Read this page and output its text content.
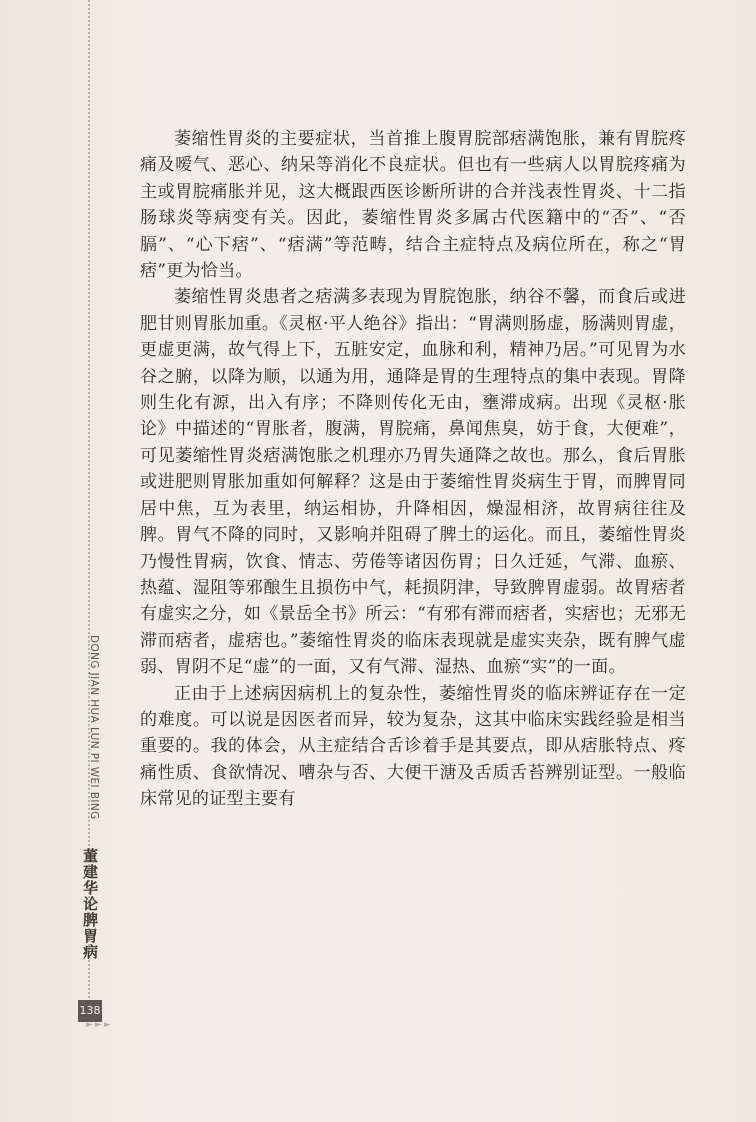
DONG JIAN HUA LUN PI WEI BING
董建华论脾胃病
138
►►►

萎缩性胃炎的主要症状，当首推上腹胃脘部痞满饱胀，兼有胃脘疼痛及嗳气、恶心、纳呆等消化不良症状。但也有一些病人以胃脘疼痛为主或胃脘痛胀并见，这大概跟西医诊断所讲的合并浅表性胃炎、十二指肠球炎等病变有关。因此，萎缩性胃炎多属古代医籍中的“否”、“否膈”、“心下痞”、“痞满”等范畴，结合主症特点及病位所在，称之“胃痞”更为恰当。

萎缩性胃炎患者之痞满多表现为胃脘饱胀，纳谷不馨，而食后或进肥甘则胃胀加重。《灵枢·平人绝谷》指出：“胃满则肠虚，肠满则胃虚，更虚更满，故气得上下，五脏安定，血脉和利，精神乃居。”可见胃为水谷之腑，以降为顺，以通为用，通降是胃的生理特点的集中表现。胃降则生化有源，出入有序；不降则传化无由，壅滞成病。出现《灵枢·胀论》中描述的“胃胀者，腹满，胃脘痛，鼻闻焦臭，妨于食，大便难”，可见萎缩性胃炎痞满饱胀之机理亦乃胃失通降之故也。那么，食后胃胀或进肥则胃胀加重如何解释？这是由于萎缩性胃炎病生于胃，而脾胃同居中焦，互为表里，纳运相协，升降相因，燥湿相济，故胃病往往及脾。胃气不降的同时，又影响并阻碍了脾土的运化。而且，萎缩性胃炎乃慢性胃病，饮食、情志、劳倦等诸因伤胃；日久迁延，气滞、血瘀、热蕴、湿阻等邪酿生且损伤中气，耗损阴津，导致脾胃虚弱。故胃痞者有虚实之分，如《景岳全书》所云：“有邪有滞而痞者，实痞也；无邪无滞而痞者，虚痞也。”萎缩性胃炎的临床表现就是虚实夹杂，既有脾气虚弱、胃阴不足“虚”的一面，又有气滞、湿热、血瘀“实”的一面。

正由于上述病因病机上的复杂性，萎缩性胃炎的临床辨证存在一定的难度。可以说是因医者而异，较为复杂，这其中临床实践经验是相当重要的。我的体会，从主症结合舌诊着手是其要点，即从痞胀特点、疼痛性质、食欲情况、嘈杂与否、大便干溏及舌质舌苔辨别证型。一般临床常见的证型主要有
